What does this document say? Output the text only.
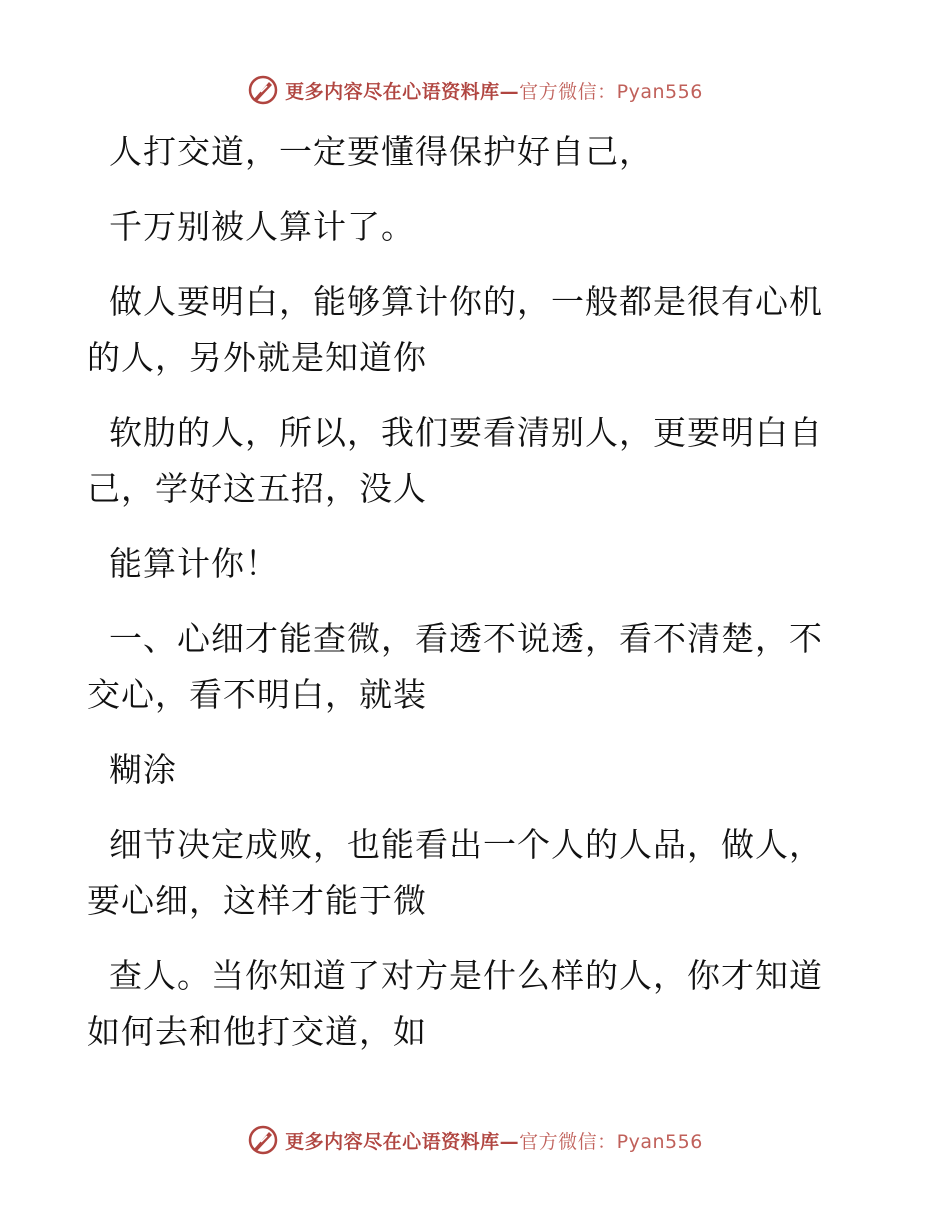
更多内容尽在心语资料库—官方微信：Pyan556

人打交道，一定要懂得保护好自己，

千万别被人算计了。

做人要明白，能够算计你的，一般都是很有心机
的人，另外就是知道你

软肋的人，所以，我们要看清别人，更要明白自
己，学好这五招，没人

能算计你！

一、心细才能查微，看透不说透，看不清楚，不
交心，看不明白，就装

糊涂

细节决定成败，也能看出一个人的人品，做人，
要心细，这样才能于微

查人。当你知道了对方是什么样的人，你才知道
如何去和他打交道，如

更多内容尽在心语资料库—官方微信：Pyan556
